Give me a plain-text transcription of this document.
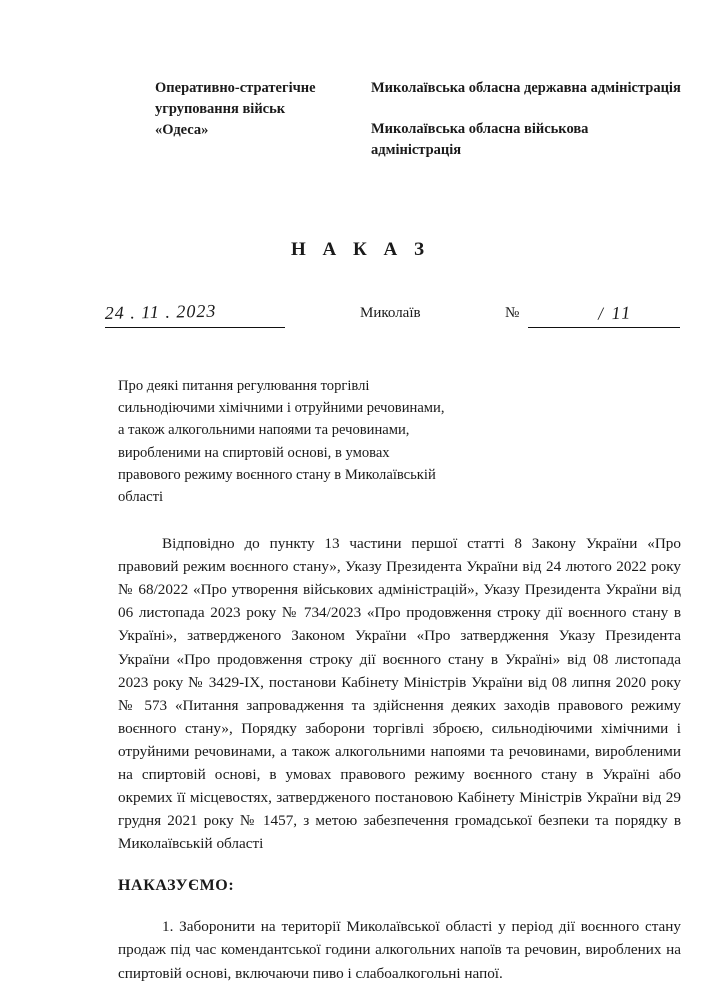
Оперативно-стратегічне
угруповання військ
«Одеса»
Миколаївська обласна державна адміністрація
Миколаївська обласна військова адміністрація
Н А К А З
24 . 11 . 2023	Миколаїв	№	/ 11
Про деякі питання регулювання торгівлі сильнодіючими хімічними і отруйними речовинами, а також алкогольними напоями та речовинами, виробленими на спиртовій основі, в умовах правового режиму воєнного стану в Миколаївській області

Відповідно до пункту 13 частини першої статті 8 Закону України «Про правовий режим воєнного стану», Указу Президента України від 24 лютого 2022 року № 68/2022 «Про утворення військових адміністрацій», Указу Президента України від 06 листопада 2023 року № 734/2023 «Про продовження строку дії воєнного стану в Україні», затвердженого Законом України «Про затвердження Указу Президента України «Про продовження строку дії воєнного стану в Україні» від 08 листопада 2023 року № 3429-IX, постанови Кабінету Міністрів України від 08 липня 2020 року № 573 «Питання запровадження та здійснення деяких заходів правового режиму воєнного стану», Порядку заборони торгівлі зброєю, сильнодіючими хімічними і отруйними речовинами, а також алкогольними напоями та речовинами, виробленими на спиртовій основі, в умовах правового режиму воєнного стану в Україні або окремих її місцевостях, затвердженого постановою Кабінету Міністрів України від 29 грудня 2021 року № 1457, з метою забезпечення громадської безпеки та порядку в Миколаївській області

НАКАЗУЄМО:
1. Заборонити на території Миколаївської області у період дії воєнного стану продаж під час комендантської години алкогольних напоїв та речовин, вироблених на спиртовій основі, включаючи пиво і слабоалкогольні напої.
